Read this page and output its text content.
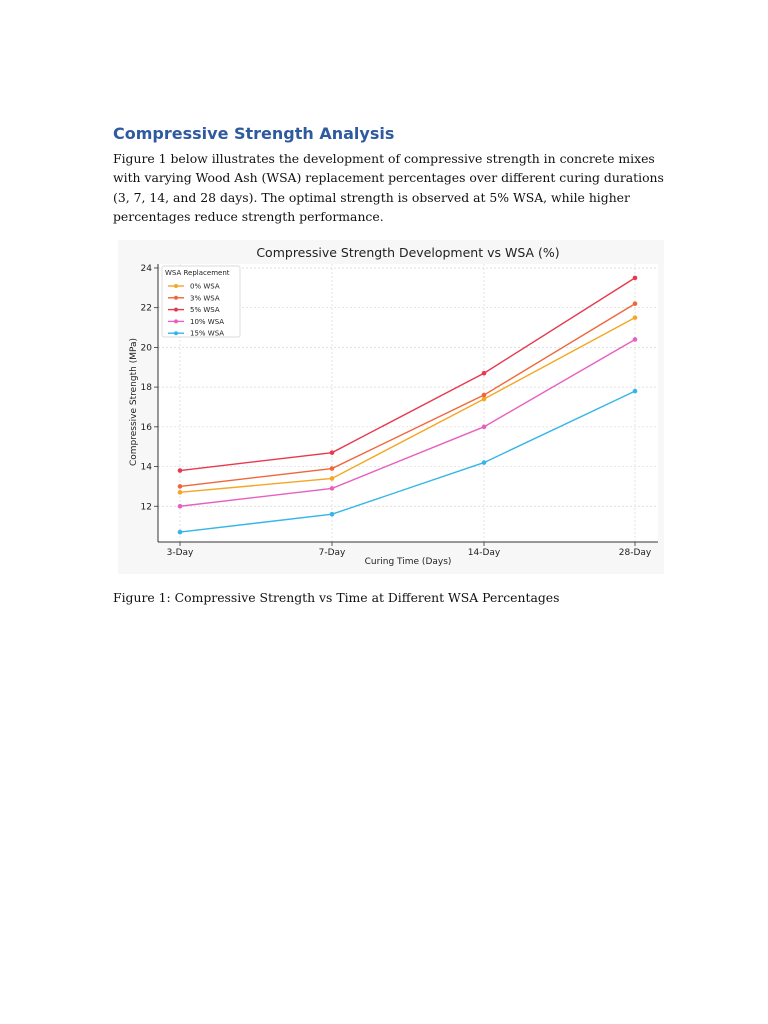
Compressive Strength Analysis

Figure 1 below illustrates the development of compressive strength in concrete mixes with varying Wood Ash (WSA) replacement percentages over different curing durations (3, 7, 14, and 28 days). The optimal strength is observed at 5% WSA, while higher percentages reduce strength performance.

Compressive Strength Development vs WSA (%)
12
14
16
18
20
22
24
3-Day	7-Day	14-Day	28-Day
WSA Replacement
0% WSA
3% WSA
5% WSA
10% WSA
15% WSA
Curing Time (Days)
Compressive Strength (MPa)

Figure 1: Compressive Strength vs Time at Different WSA Percentages
